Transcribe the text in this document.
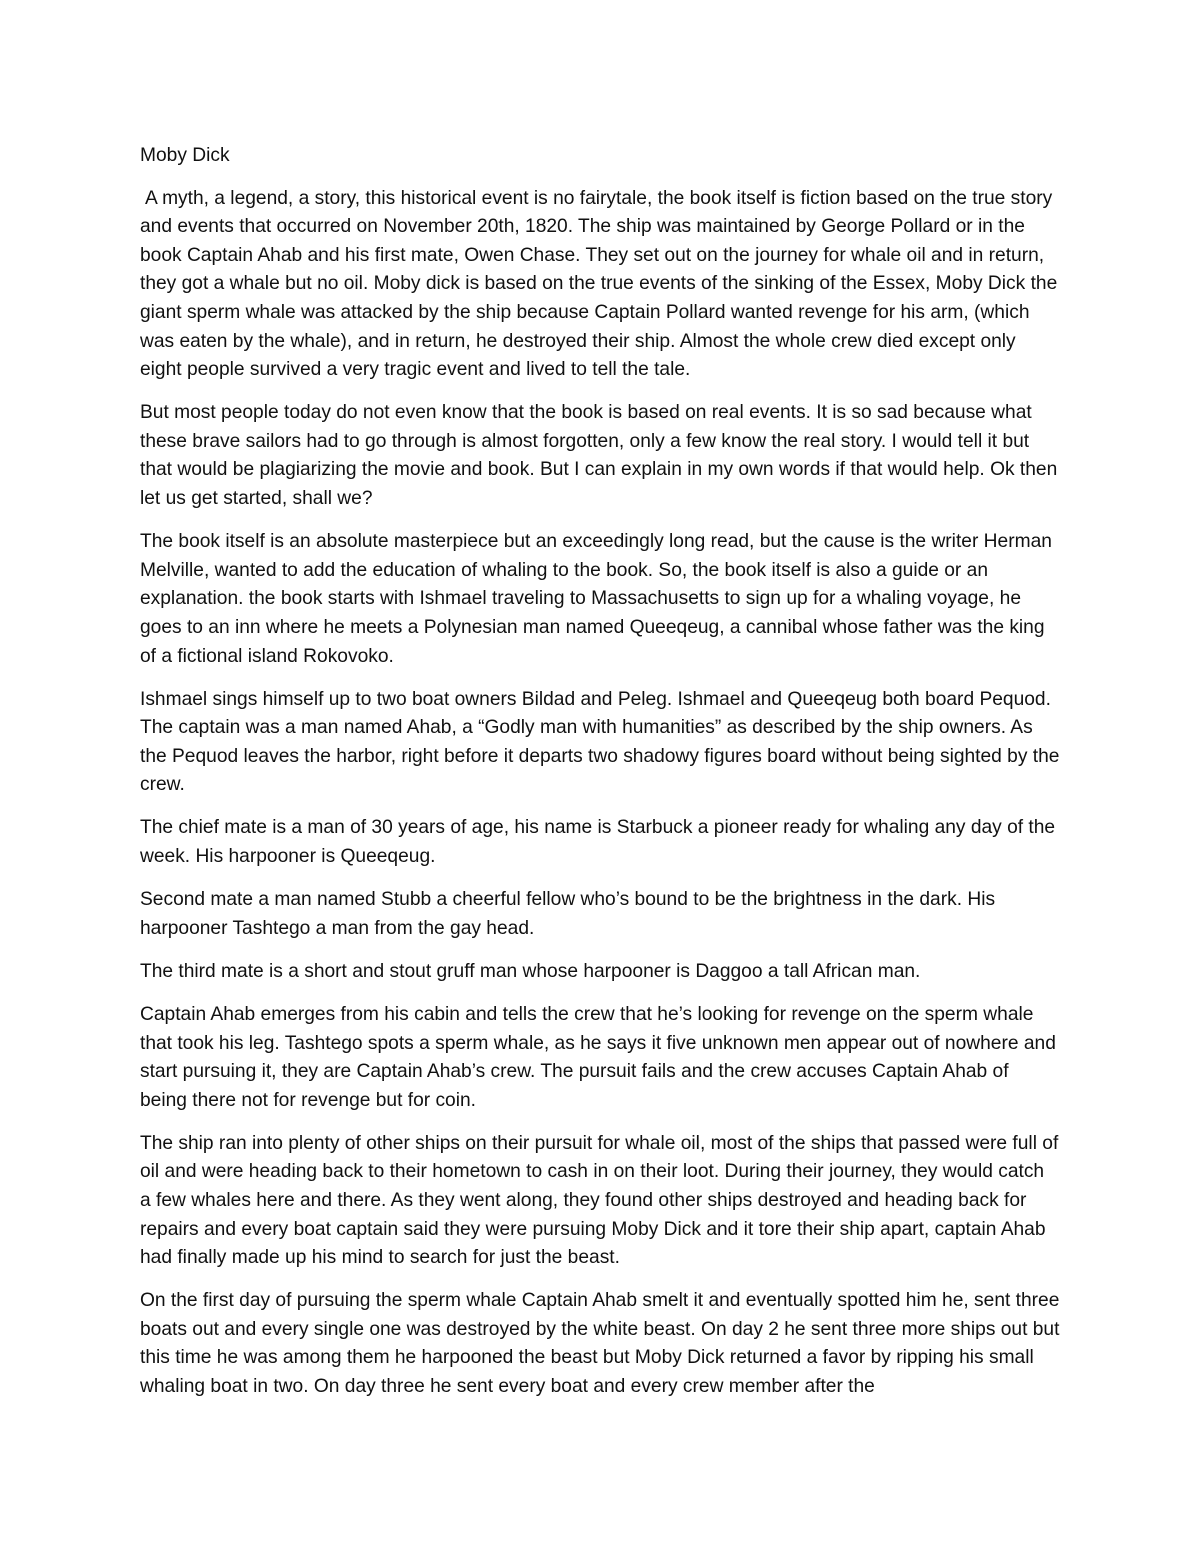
Moby Dick

A myth, a legend, a story, this historical event is no fairytale, the book itself is fiction based on the true story and events that occurred on November 20th, 1820. The ship was maintained by George Pollard or in the book Captain Ahab and his first mate, Owen Chase. They set out on the journey for whale oil and in return, they got a whale but no oil. Moby dick is based on the true events of the sinking of the Essex, Moby Dick the giant sperm whale was attacked by the ship because Captain Pollard wanted revenge for his arm, (which was eaten by the whale), and in return, he destroyed their ship. Almost the whole crew died except only eight people survived a very tragic event and lived to tell the tale.

But most people today do not even know that the book is based on real events. It is so sad because what these brave sailors had to go through is almost forgotten, only a few know the real story. I would tell it but that would be plagiarizing the movie and book. But I can explain in my own words if that would help. Ok then let us get started, shall we?

The book itself is an absolute masterpiece but an exceedingly long read, but the cause is the writer Herman Melville, wanted to add the education of whaling to the book. So, the book itself is also a guide or an explanation. the book starts with Ishmael traveling to Massachusetts to sign up for a whaling voyage, he goes to an inn where he meets a Polynesian man named Queeqeug, a cannibal whose father was the king of a fictional island Rokovoko.

Ishmael sings himself up to two boat owners Bildad and Peleg. Ishmael and Queeqeug both board Pequod. The captain was a man named Ahab, a “Godly man with humanities” as described by the ship owners. As the Pequod leaves the harbor, right before it departs two shadowy figures board without being sighted by the crew.

The chief mate is a man of 30 years of age, his name is Starbuck a pioneer ready for whaling any day of the week. His harpooner is Queeqeug.

Second mate a man named Stubb a cheerful fellow who’s bound to be the brightness in the dark. His harpooner Tashtego a man from the gay head.

The third mate is a short and stout gruff man whose harpooner is Daggoo a tall African man.

Captain Ahab emerges from his cabin and tells the crew that he’s looking for revenge on the sperm whale that took his leg. Tashtego spots a sperm whale, as he says it five unknown men appear out of nowhere and start pursuing it, they are Captain Ahab’s crew. The pursuit fails and the crew accuses Captain Ahab of being there not for revenge but for coin.

The ship ran into plenty of other ships on their pursuit for whale oil, most of the ships that passed were full of oil and were heading back to their hometown to cash in on their loot. During their journey, they would catch a few whales here and there. As they went along, they found other ships destroyed and heading back for repairs and every boat captain said they were pursuing Moby Dick and it tore their ship apart, captain Ahab had finally made up his mind to search for just the beast.

On the first day of pursuing the sperm whale Captain Ahab smelt it and eventually spotted him he, sent three boats out and every single one was destroyed by the white beast. On day 2 he sent three more ships out but this time he was among them he harpooned the beast but Moby Dick returned a favor by ripping his small whaling boat in two. On day three he sent every boat and every crew member after the
